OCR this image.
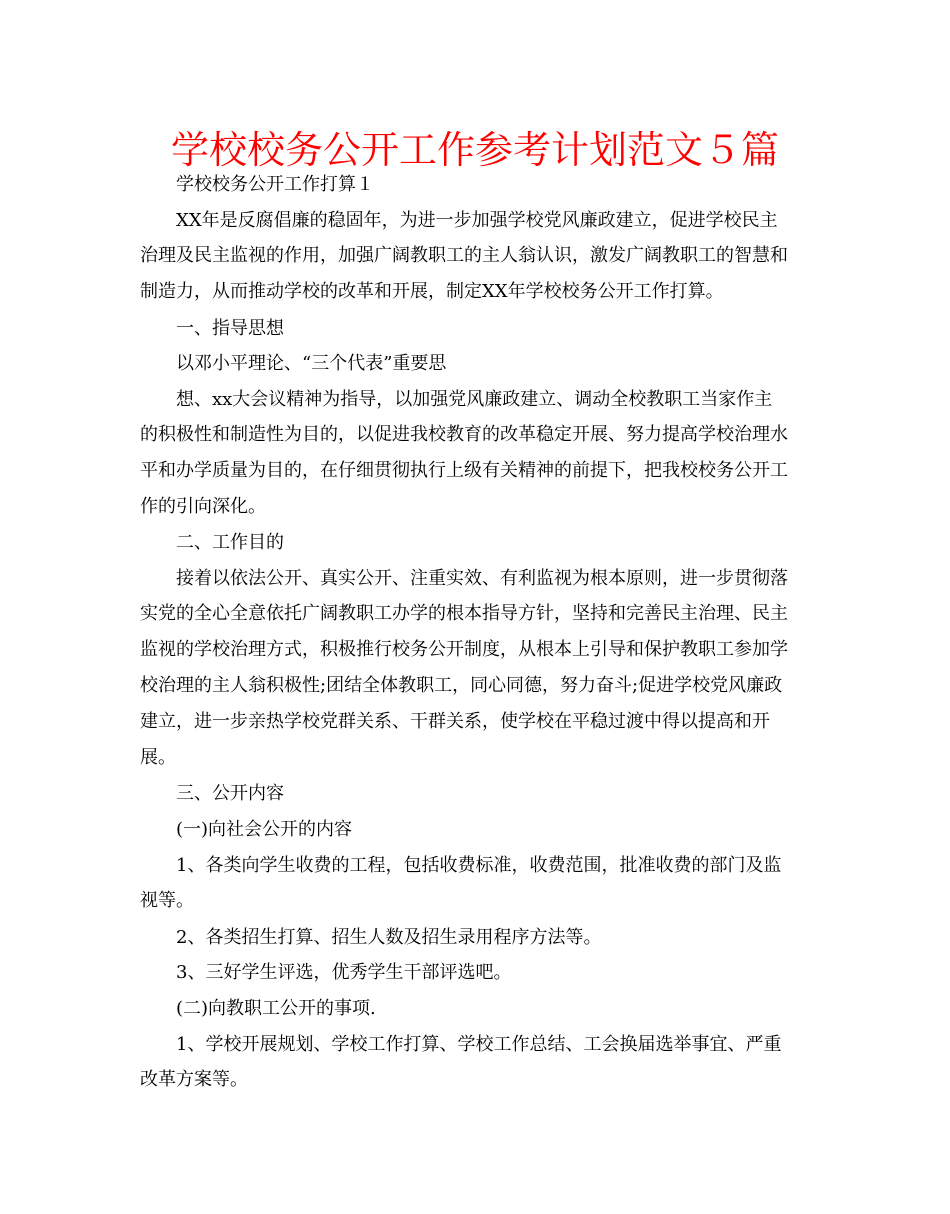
学校校务公开工作参考计划范文５篇
学校校务公开工作打算１
XX年是反腐倡廉的稳固年，为进一步加强学校党风廉政建立，促进学校民主
治理及民主监视的作用，加强广阔教职工的主人翁认识，激发广阔教职工的智慧和
制造力，从而推动学校的改革和开展，制定XX年学校校务公开工作打算。
一、指导思想
以邓小平理论、“三个代表”重要思
想、xx大会议精神为指导，以加强党风廉政建立、调动全校教职工当家作主
的积极性和制造性为目的，以促进我校教育的改革稳定开展、努力提高学校治理水
平和办学质量为目的，在仔细贯彻执行上级有关精神的前提下，把我校校务公开工
作的引向深化。
二、工作目的
接着以依法公开、真实公开、注重实效、有利监视为根本原则，进一步贯彻落
实党的全心全意依托广阔教职工办学的根本指导方针，坚持和完善民主治理、民主
监视的学校治理方式，积极推行校务公开制度，从根本上引导和保护教职工参加学
校治理的主人翁积极性;团结全体教职工，同心同德，努力奋斗;促进学校党风廉政
建立，进一步亲热学校党群关系、干群关系，使学校在平稳过渡中得以提高和开
展。
三、公开内容
(一)向社会公开的内容
1、各类向学生收费的工程，包括收费标准，收费范围，批准收费的部门及监
视等。
2、各类招生打算、招生人数及招生录用程序方法等。
3、三好学生评选，优秀学生干部评选吧。
(二)向教职工公开的事项.
1、学校开展规划、学校工作打算、学校工作总结、工会换届选举事宜、严重
改革方案等。
